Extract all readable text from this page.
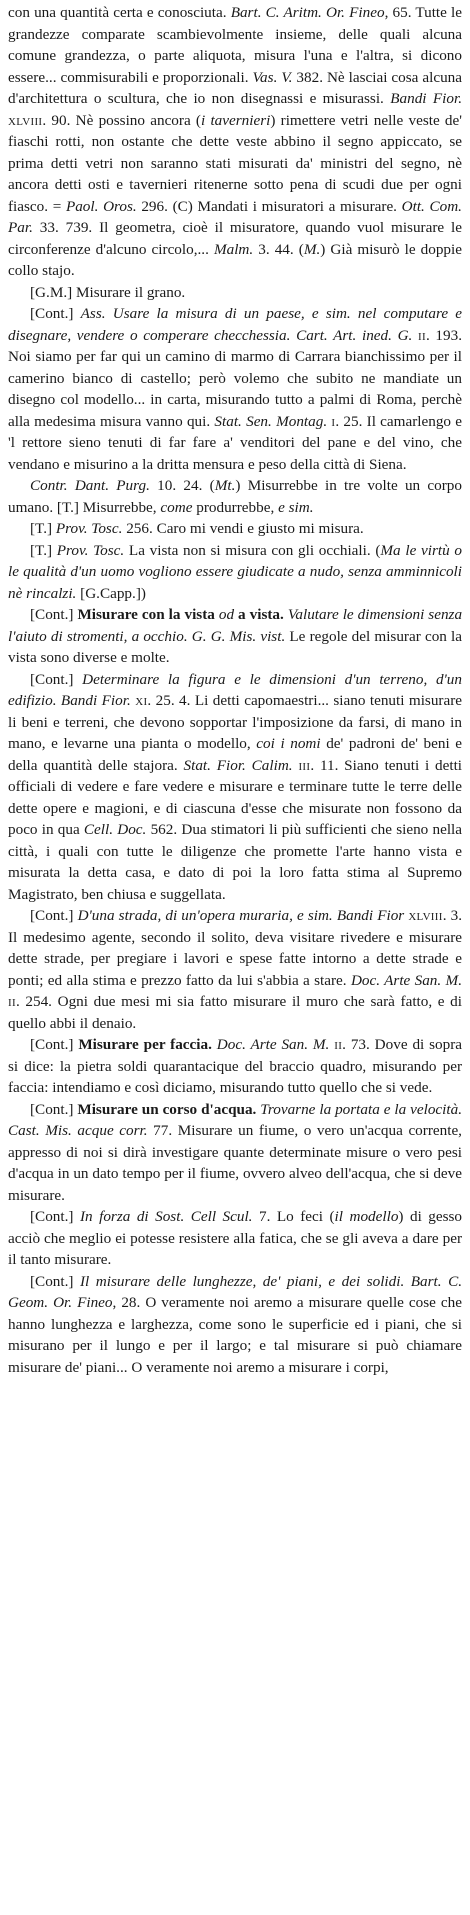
con una quantità certa e conosciuta. Bart. C. Aritm. Or. Fineo, 65. Tutte le grandezze comparate scambievolmente insieme, delle quali alcuna comune grandezza, o parte aliquota, misura l'una e l'altra, si dicono essere... commisurabili e proporzionali. Vas. V. 382. Nè lasciai cosa alcuna d'architettura o scultura, che io non disegnassi e misurassi. Bandi Fior. xlviii. 90. Nè possino ancora (i tavernieri) rimettere vetri nelle veste de' fiaschi rotti, non ostante che dette veste abbino il segno appiccato, se prima detti vetri non saranno stati misurati da' ministri del segno, nè ancora detti osti e tavernieri ritenerne sotto pena di scudi due per ogni fiasco. = Paol. Oros. 296. (C) Mandati i misuratori a misurare. Ott. Com. Par. 33. 739. Il geometra, cioè il misuratore, quando vuol misurare le circonferenze d'alcuno circolo,... Malm. 3. 44. (M.) Già misurò le doppie collo stajo.

[G.M.] Misurare il grano.

[Cont.] Ass. Usare la misura di un paese, e sim. nel computare e disegnare, vendere o comperare checchessia. Cart. Art. ined. G. ii. 193. Noi siamo per far qui un camino di marmo di Carrara bianchissimo per il camerino bianco di castello; però volemo che subito ne mandiate un disegno col modello... in carta, misurando tutto a palmi di Roma, perchè alla medesima misura vanno qui. Stat. Sen. Montag. i. 25. Il camarlengo e 'l rettore sieno tenuti di far fare a' venditori del pane e del vino, che vendano e misurino a la dritta mensura e peso della città di Siena.

Contr. Dant. Purg. 10. 24. (Mt.) Misurrebbe in tre volte un corpo umano. [T.] Misurrebbe, come produrrebbe, e sim.

[T.] Prov. Tosc. 256. Caro mi vendi e giusto mi misura.

[T.] Prov. Tosc. La vista non si misura con gli occhiali. (Ma le virtù o le qualità d'un uomo vogliono essere giudicate a nudo, senza amminnicoli nè rincalzi. [G.Capp.])

[Cont.] Misurare con la vista od a vista. Valutare le dimensioni senza l'aiuto di stromenti, a occhio. G. G. Mis. vist. Le regole del misurar con la vista sono diverse e molte.

[Cont.] Determinare la figura e le dimensioni d'un terreno, d'un edifizio. Bandi Fior. xi. 25. 4. Li detti capomaestri... siano tenuti misurare li beni e terreni, che devono sopportar l'imposizione da farsi, di mano in mano, e levarne una pianta o modello, coi i nomi de' padroni de' beni e della quantità delle stajora. Stat. Fior. Calim. iii. 11. Siano tenuti i detti officiali di vedere e fare vedere e misurare e terminare tutte le terre delle dette opere e magioni, e di ciascuna d'esse che misurate non fossono da poco in qua Cell. Doc. 562. Dua stimatori li più sufficienti che sieno nella città, i quali con tutte le diligenze che promette l'arte hanno vista e misurata la detta casa, e dato di poi la loro fatta stima al Supremo Magistrato, ben chiusa e suggellata.

[Cont.] D'una strada, di un'opera muraria, e sim. Bandi Fior xlviii. 3. Il medesimo agente, secondo il solito, deva visitare rivedere e misurare dette strade, per pregiare i lavori e spese fatte intorno a dette strade e ponti; ed alla stima e prezzo fatto da lui s'abbia a stare. Doc. Arte San. M. ii. 254. Ogni due mesi mi sia fatto misurare il muro che sarà fatto, e di quello abbi il denaio.

[Cont.] Misurare per faccia. Doc. Arte San. M. ii. 73. Dove di sopra si dice: la pietra soldi quarantacique del braccio quadro, misurando per faccia: intendiamo e così diciamo, misurando tutto quello che si vede.

[Cont.] Misurare un corso d'acqua. Trovarne la portata e la velocità. Cast. Mis. acque corr. 77. Misurare un fiume, o vero un'acqua corrente, appresso di noi si dirà investigare quante determinate misure o vero pesi d'acqua in un dato tempo per il fiume, ovvero alveo dell'acqua, che si deve misurare.

[Cont.] In forza di Sost. Cell Scul. 7. Lo feci (il modello) di gesso acciò che meglio ei potesse resistere alla fatica, che se gli aveva a dare per il tanto misurare.

[Cont.] Il misurare delle lunghezze, de' piani, e dei solidi. Bart. C. Geom. Or. Fineo, 28. O veramente noi aremo a misurare quelle cose che hanno lunghezza e larghezza, come sono le superficie ed i piani, che si misurano per il lungo e per il largo; e tal misurare si può chiamare misurare de' piani... O veramente noi aremo a misurare i corpi,
